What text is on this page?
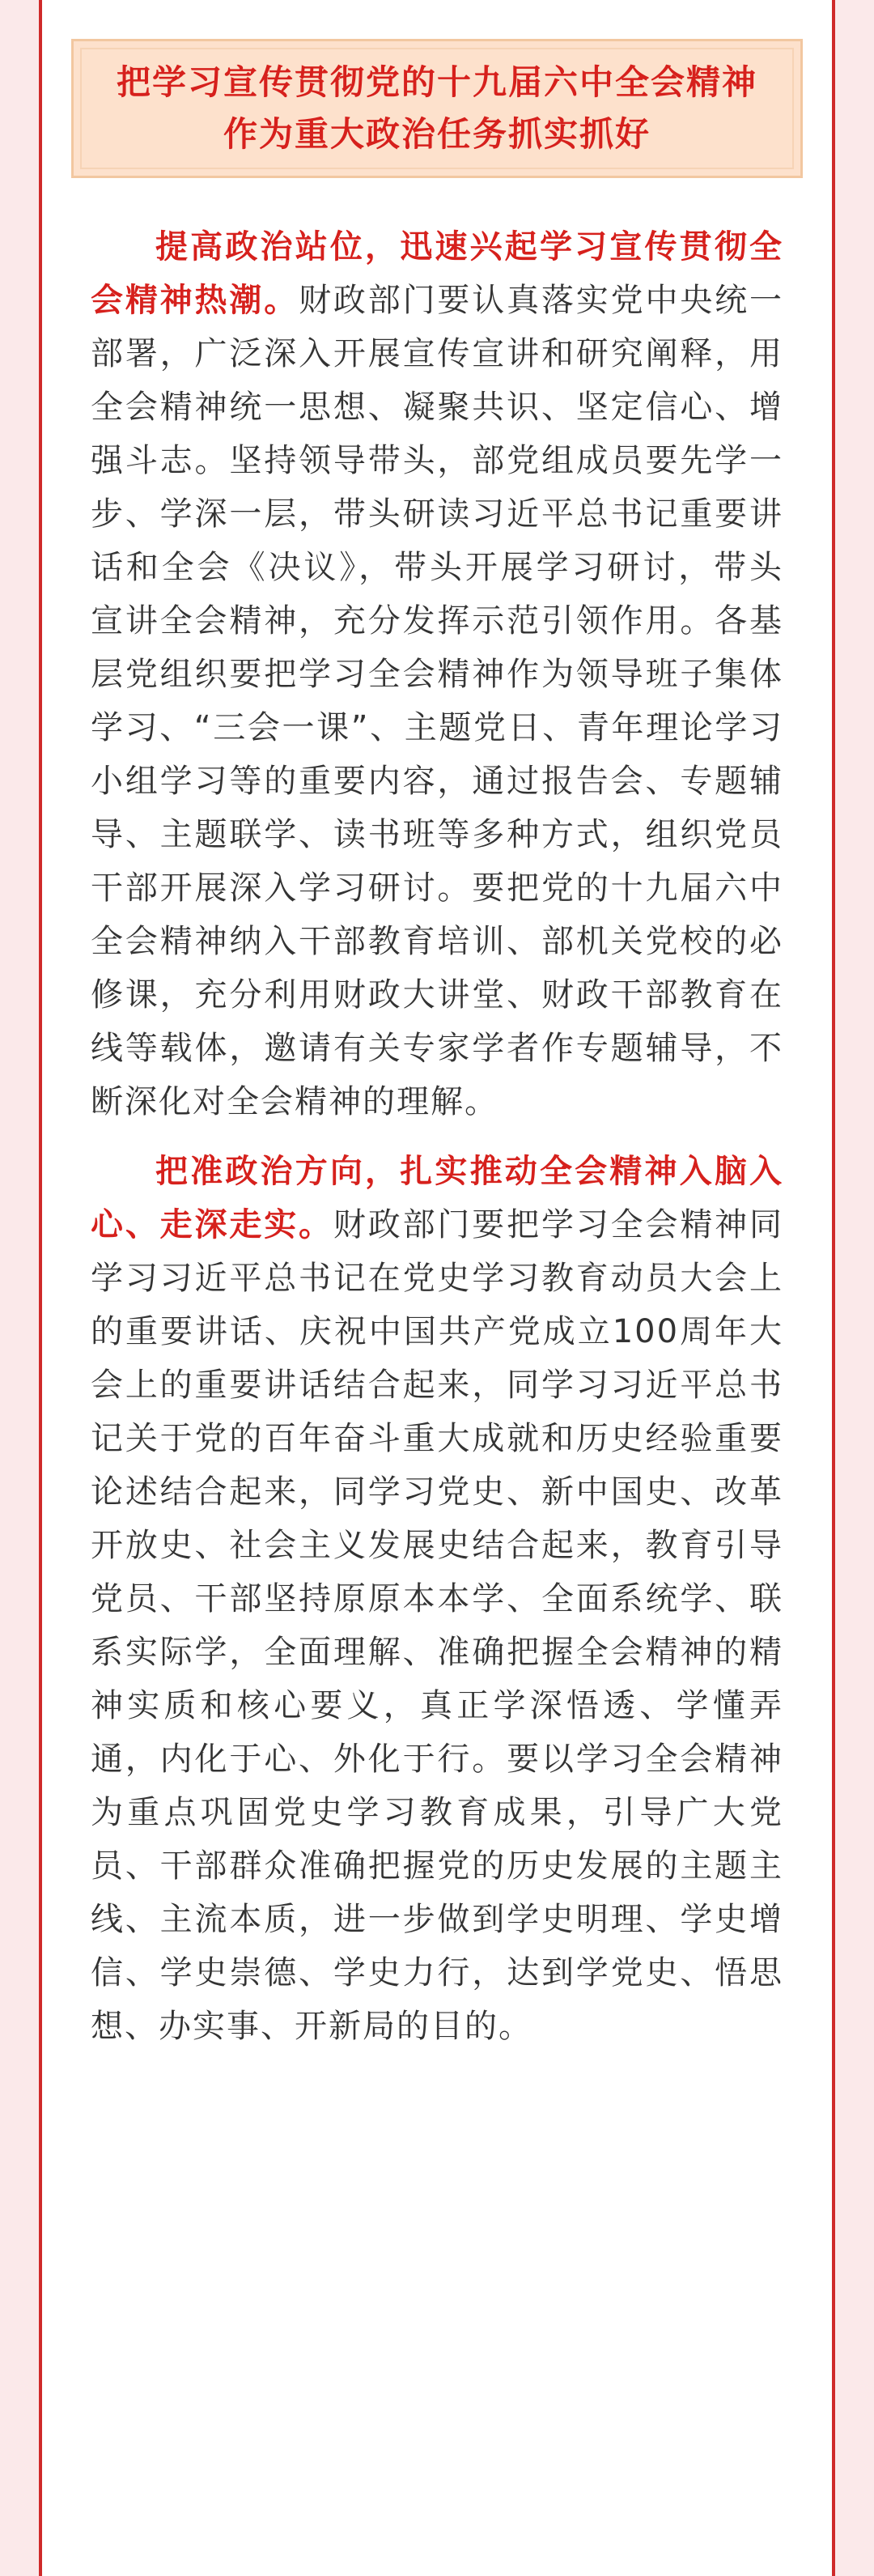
把学习宣传贯彻党的十九届六中全会精神
作为重大政治任务抓实抓好

提高政治站位，迅速兴起学习宣传贯彻全会精神热潮。财政部门要认真落实党中央统一部署，广泛深入开展宣传宣讲和研究阐释，用全会精神统一思想、凝聚共识、坚定信心、增强斗志。坚持领导带头，部党组成员要先学一步、学深一层，带头研读习近平总书记重要讲话和全会《决议》，带头开展学习研讨，带头宣讲全会精神，充分发挥示范引领作用。各基层党组织要把学习全会精神作为领导班子集体学习、“三会一课”、主题党日、青年理论学习小组学习等的重要内容，通过报告会、专题辅导、主题联学、读书班等多种方式，组织党员干部开展深入学习研讨。要把党的十九届六中全会精神纳入干部教育培训、部机关党校的必修课，充分利用财政大讲堂、财政干部教育在线等载体，邀请有关专家学者作专题辅导，不断深化对全会精神的理解。

把准政治方向，扎实推动全会精神入脑入心、走深走实。财政部门要把学习全会精神同学习习近平总书记在党史学习教育动员大会上的重要讲话、庆祝中国共产党成立100周年大会上的重要讲话结合起来，同学习习近平总书记关于党的百年奋斗重大成就和历史经验重要论述结合起来，同学习党史、新中国史、改革开放史、社会主义发展史结合起来，教育引导党员、干部坚持原原本本学、全面系统学、联系实际学，全面理解、准确把握全会精神的精神实质和核心要义，真正学深悟透、学懂弄通，内化于心、外化于行。要以学习全会精神为重点巩固党史学习教育成果，引导广大党员、干部群众准确把握党的历史发展的主题主线、主流本质，进一步做到学史明理、学史增信、学史崇德、学史力行，达到学党史、悟思想、办实事、开新局的目的。
